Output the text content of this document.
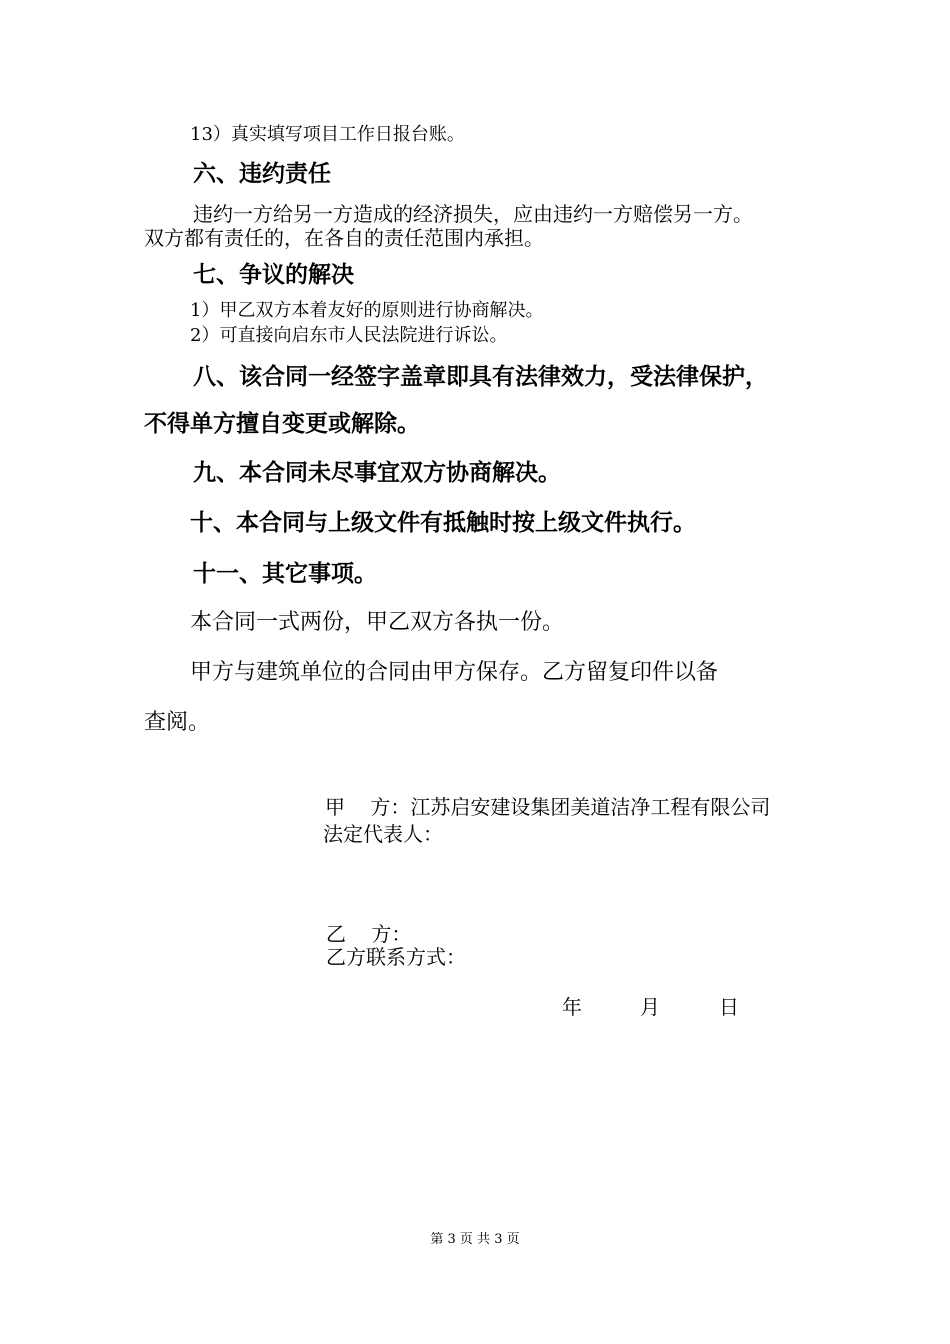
13）真实填写项目工作日报台账。
六、违约责任
违约一方给另一方造成的经济损失，应由违约一方赔偿另一方。
双方都有责任的，在各自的责任范围内承担。
七、争议的解决
1）甲乙双方本着友好的原则进行协商解决。
2）可直接向启东市人民法院进行诉讼。
八、该合同一经签字盖章即具有法律效力，受法律保护，
不得单方擅自变更或解除。
九、本合同未尽事宜双方协商解决。
十、本合同与上级文件有抵触时按上级文件执行。
十一、其它事项。
本合同一式两份，甲乙双方各执一份。
甲方与建筑单位的合同由甲方保存。乙方留复印件以备
查阅。
甲    方：江苏启安建设集团美道洁净工程有限公司
法定代表人：
乙    方：
乙方联系方式：
年	月	日
第 3 页 共 3 页
